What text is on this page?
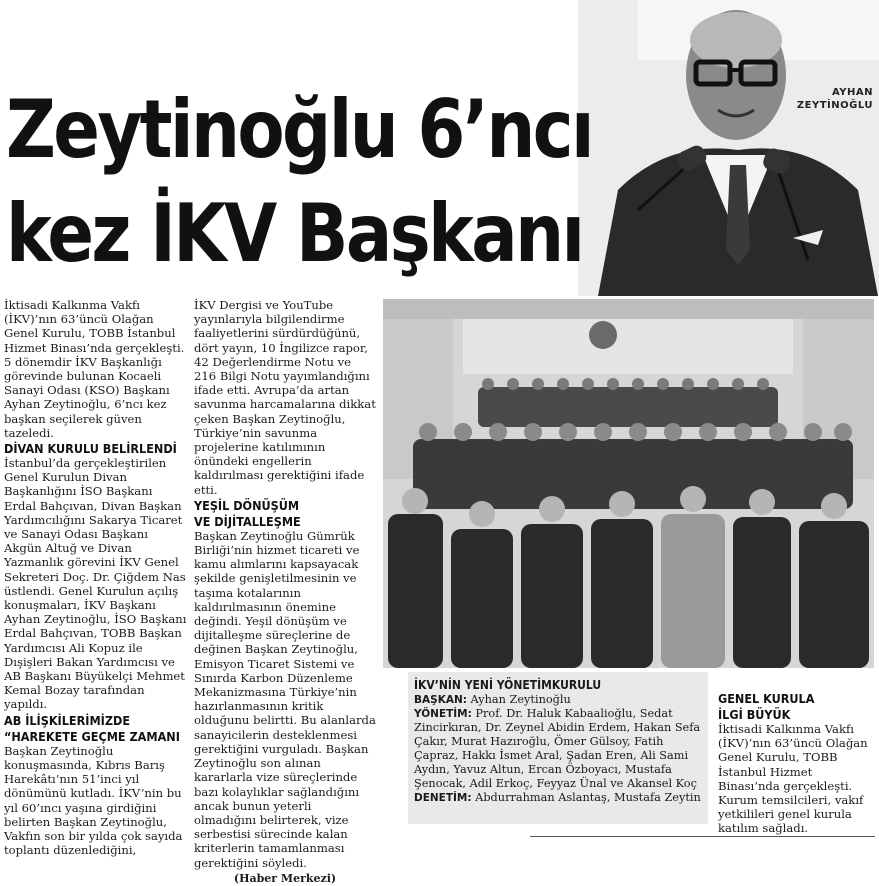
AYHAN
ZEYTİNOĞLU
Zeytinoğlu 6’ncı
kez İKV Başkanı

İktisadi Kalkınma Vakfı (İKV)’nın 63’üncü Olağan Genel Kurulu, TOBB İstanbul Hizmet Binası’nda gerçekleşti. 5 dönemdir İKV Başkanlığı görevinde bulunan Kocaeli Sanayi Odası (KSO) Başkanı Ayhan Zeytinoğlu, 6’ncı kez başkan seçilerek güven tazeledi.

DİVAN KURULU BELİRLENDİ

İstanbul’da gerçekleştirilen Genel Kurulun Divan Başkanlığını İSO Başkanı Erdal Bahçıvan, Divan Başkan Yardımcılığını Sakarya Ticaret ve Sanayi Odası Başkanı Akgün Altuğ ve Divan Yazmanlık görevini İKV Genel Sekreteri Doç. Dr. Çiğdem Nas üstlendi. Genel Kurulun açılış konuşmaları, İKV Başkanı Ayhan Zeytinoğlu, İSO Başkanı Erdal Bahçıvan, TOBB Başkan Yardımcısı Ali Kopuz ile Dışişleri Bakan Yardımcısı ve AB Başkanı Büyükelçi Mehmet Kemal Bozay tarafından yapıldı.

AB İLİŞKİLERİMİZDE
“HAREKETE GEÇME ZAMANI

Başkan Zeytinoğlu konuşmasında, Kıbrıs Barış Harekâtı’nın 51’inci yıl dönümünü kutladı. İKV’nin bu yıl 60’ıncı yaşına girdiğini belirten Başkan Zeytinoğlu, Vakfın son bir yılda çok sayıda toplantı düzenlediğini,

İKV Dergisi ve YouTube yayınlarıyla bilgilendirme faaliyetlerini sürdürdüğünü, dört yayın, 10 İngilizce rapor, 42 Değerlendirme Notu ve 216 Bilgi Notu yayımlandığını ifade etti. Avrupa’da artan savunma harcamalarına dikkat çeken Başkan Zeytinoğlu, Türkiye’nin savunma projelerine katılımının önündeki engellerin kaldırılması gerektiğini ifade etti.

YEŞİL DÖNÜŞÜM
VE DİJİTALLEŞME

Başkan Zeytinoğlu Gümrük Birliği’nin hizmet ticareti ve kamu alımlarını kapsayacak şekilde genişletilmesinin ve taşıma kotalarının kaldırılmasının önemine değindi. Yeşil dönüşüm ve dijitalleşme süreçlerine de değinen Başkan Zeytinoğlu, Emisyon Ticaret Sistemi ve Sınırda Karbon Düzenleme Mekanizmasına Türkiye’nin hazırlanmasının kritik olduğunu belirtti. Bu alanlarda sanayicilerin desteklenmesi gerektiğini vurguladı. Başkan Zeytinoğlu son alınan kararlarla vize süreçlerinde bazı kolaylıklar sağlandığını ancak bunun yeterli olmadığını belirterek, vize serbestisi sürecinde kalan kriterlerin tamamlanması gerektiğini söyledi.

(Haber Merkezi)
İKV’NİN YENİ YÖNETİMKURULU
BAŞKAN: Ayhan Zeytinoğlu
YÖNETİM: Prof. Dr. Haluk Kabaalioğlu, Sedat Zincirkıran, Dr. Zeynel Abidin Erdem, Hakan Sefa Çakır, Murat Hazıroğlu, Ömer Gülsoy, Fatih Çapraz, Hakkı İsmet Aral, Şadan Eren, Ali Sami Aydın, Yavuz Altun, Ercan Özboyacı, Mustafa Şenocak, Adil Erkoç, Feyyaz Ünal ve Akansel Koç
DENETİM: Abdurrahman Aslantaş, Mustafa Zeytin
GENEL KURULA
İLGİ BÜYÜK

İktisadi Kalkınma Vakfı (İKV)’nın 63’üncü Olağan Genel Kurulu, TOBB İstanbul Hizmet Binası’nda gerçekleşti. Kurum temsilcileri, vakıf yetkilileri genel kurula katılım sağladı.
